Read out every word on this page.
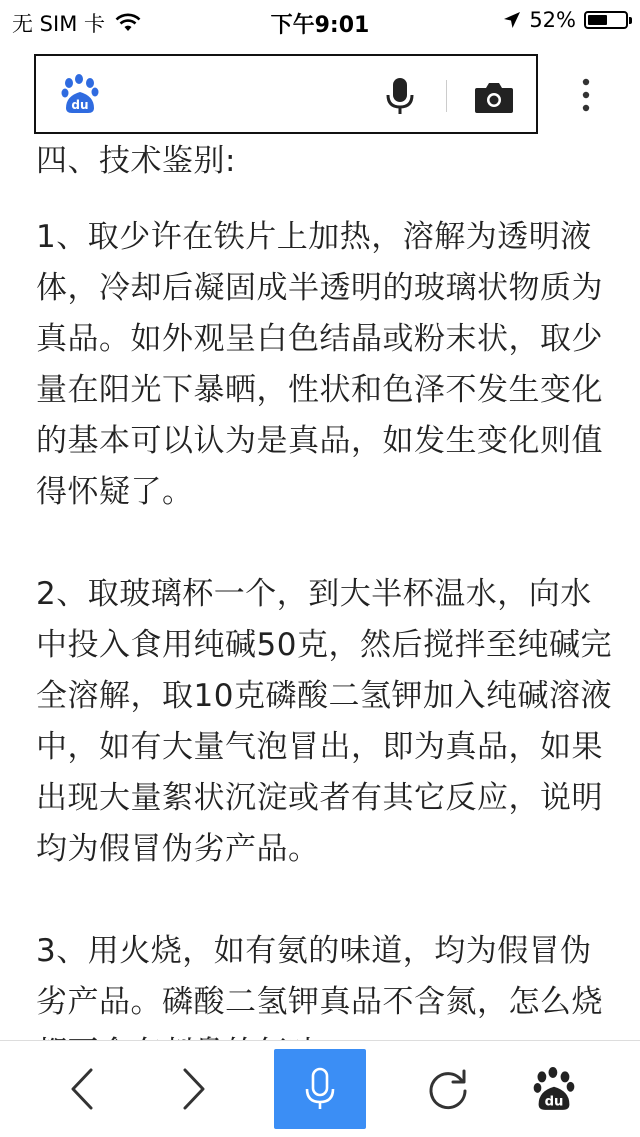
无 SIM 卡	下午9:01	52%
du

四、技术鉴别:

1、取少许在铁片上加热，溶解为透明液体，冷却后凝固成半透明的玻璃状物质为真品。如外观呈白色结晶或粉末状，取少量在阳光下暴晒，性状和色泽不发生变化的基本可以认为是真品，如发生变化则值得怀疑了。

2、取玻璃杯一个，到大半杯温水，向水中投入食用纯碱50克，然后搅拌至纯碱完全溶解，取10克磷酸二氢钾加入纯碱溶液中，如有大量气泡冒出，即为真品，如果出现大量絮状沉淀或者有其它反应，说明均为假冒伪劣产品。

3、用火烧，如有氨的味道，均为假冒伪劣产品。磷酸二氢钾真品不含氮，怎么烧

du
